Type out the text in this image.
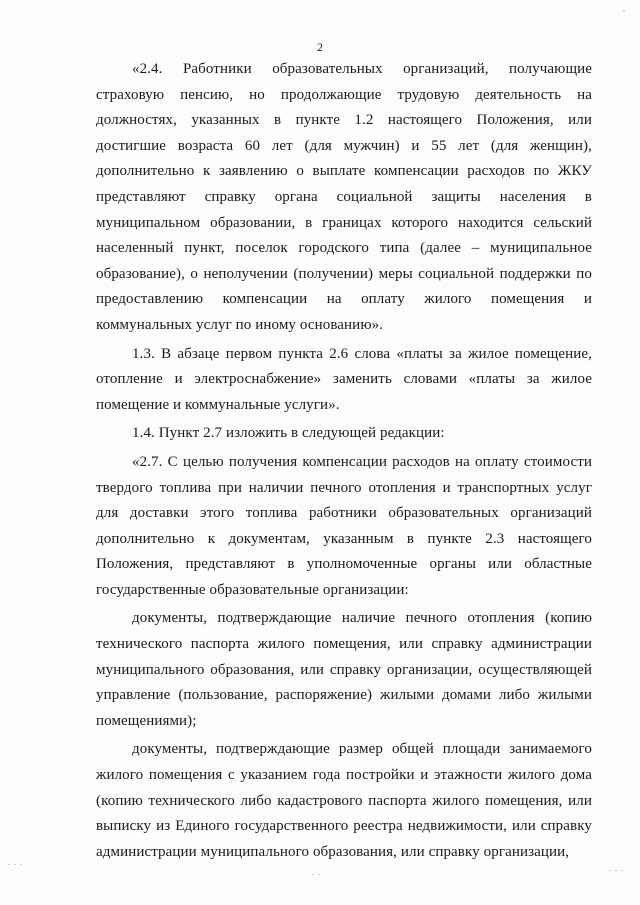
,
2

«2.4. Работники образовательных организаций, получающие страховую пенсию, но продолжающие трудовую деятельность на должностях, указанных в пункте 1.2 настоящего Положения, или достигшие возраста 60 лет (для мужчин) и 55 лет (для женщин), дополнительно к заявлению о выплате компенсации расходов по ЖКУ представляют справку органа социальной защиты населения в муниципальном образовании, в границах которого находится сельский населенный пункт, поселок городского типа (далее – муниципальное образование), о неполучении (получении) меры социальной поддержки по предоставлению компенсации на оплату жилого помещения и коммунальных услуг по иному основанию».

1.3. В абзаце первом пункта 2.6 слова «платы за жилое помещение, отопление и электроснабжение» заменить словами «платы за жилое помещение и коммунальные услуги».

1.4. Пункт 2.7 изложить в следующей редакции:

«2.7. С целью получения компенсации расходов на оплату стоимости твердого топлива при наличии печного отопления и транспортных услуг для доставки этого топлива работники образовательных организаций дополнительно к документам, указанным в пункте 2.3 настоящего Положения, представляют в уполномоченные органы или областные государственные образовательные организации:

документы, подтверждающие наличие печного отопления (копию технического паспорта жилого помещения, или справку администрации муниципального образования, или справку организации, осуществляющей управление (пользование, распоряжение) жилыми домами либо жилыми помещениями);

документы, подтверждающие размер общей площади занимаемого жилого помещения с указанием года постройки и этажности жилого дома (копию технического либо кадастрового паспорта жилого помещения, или выписку из Единого государственного реестра недвижимости, или справку администрации муниципального образования, или справку организации,

. . .
. .	. . .
